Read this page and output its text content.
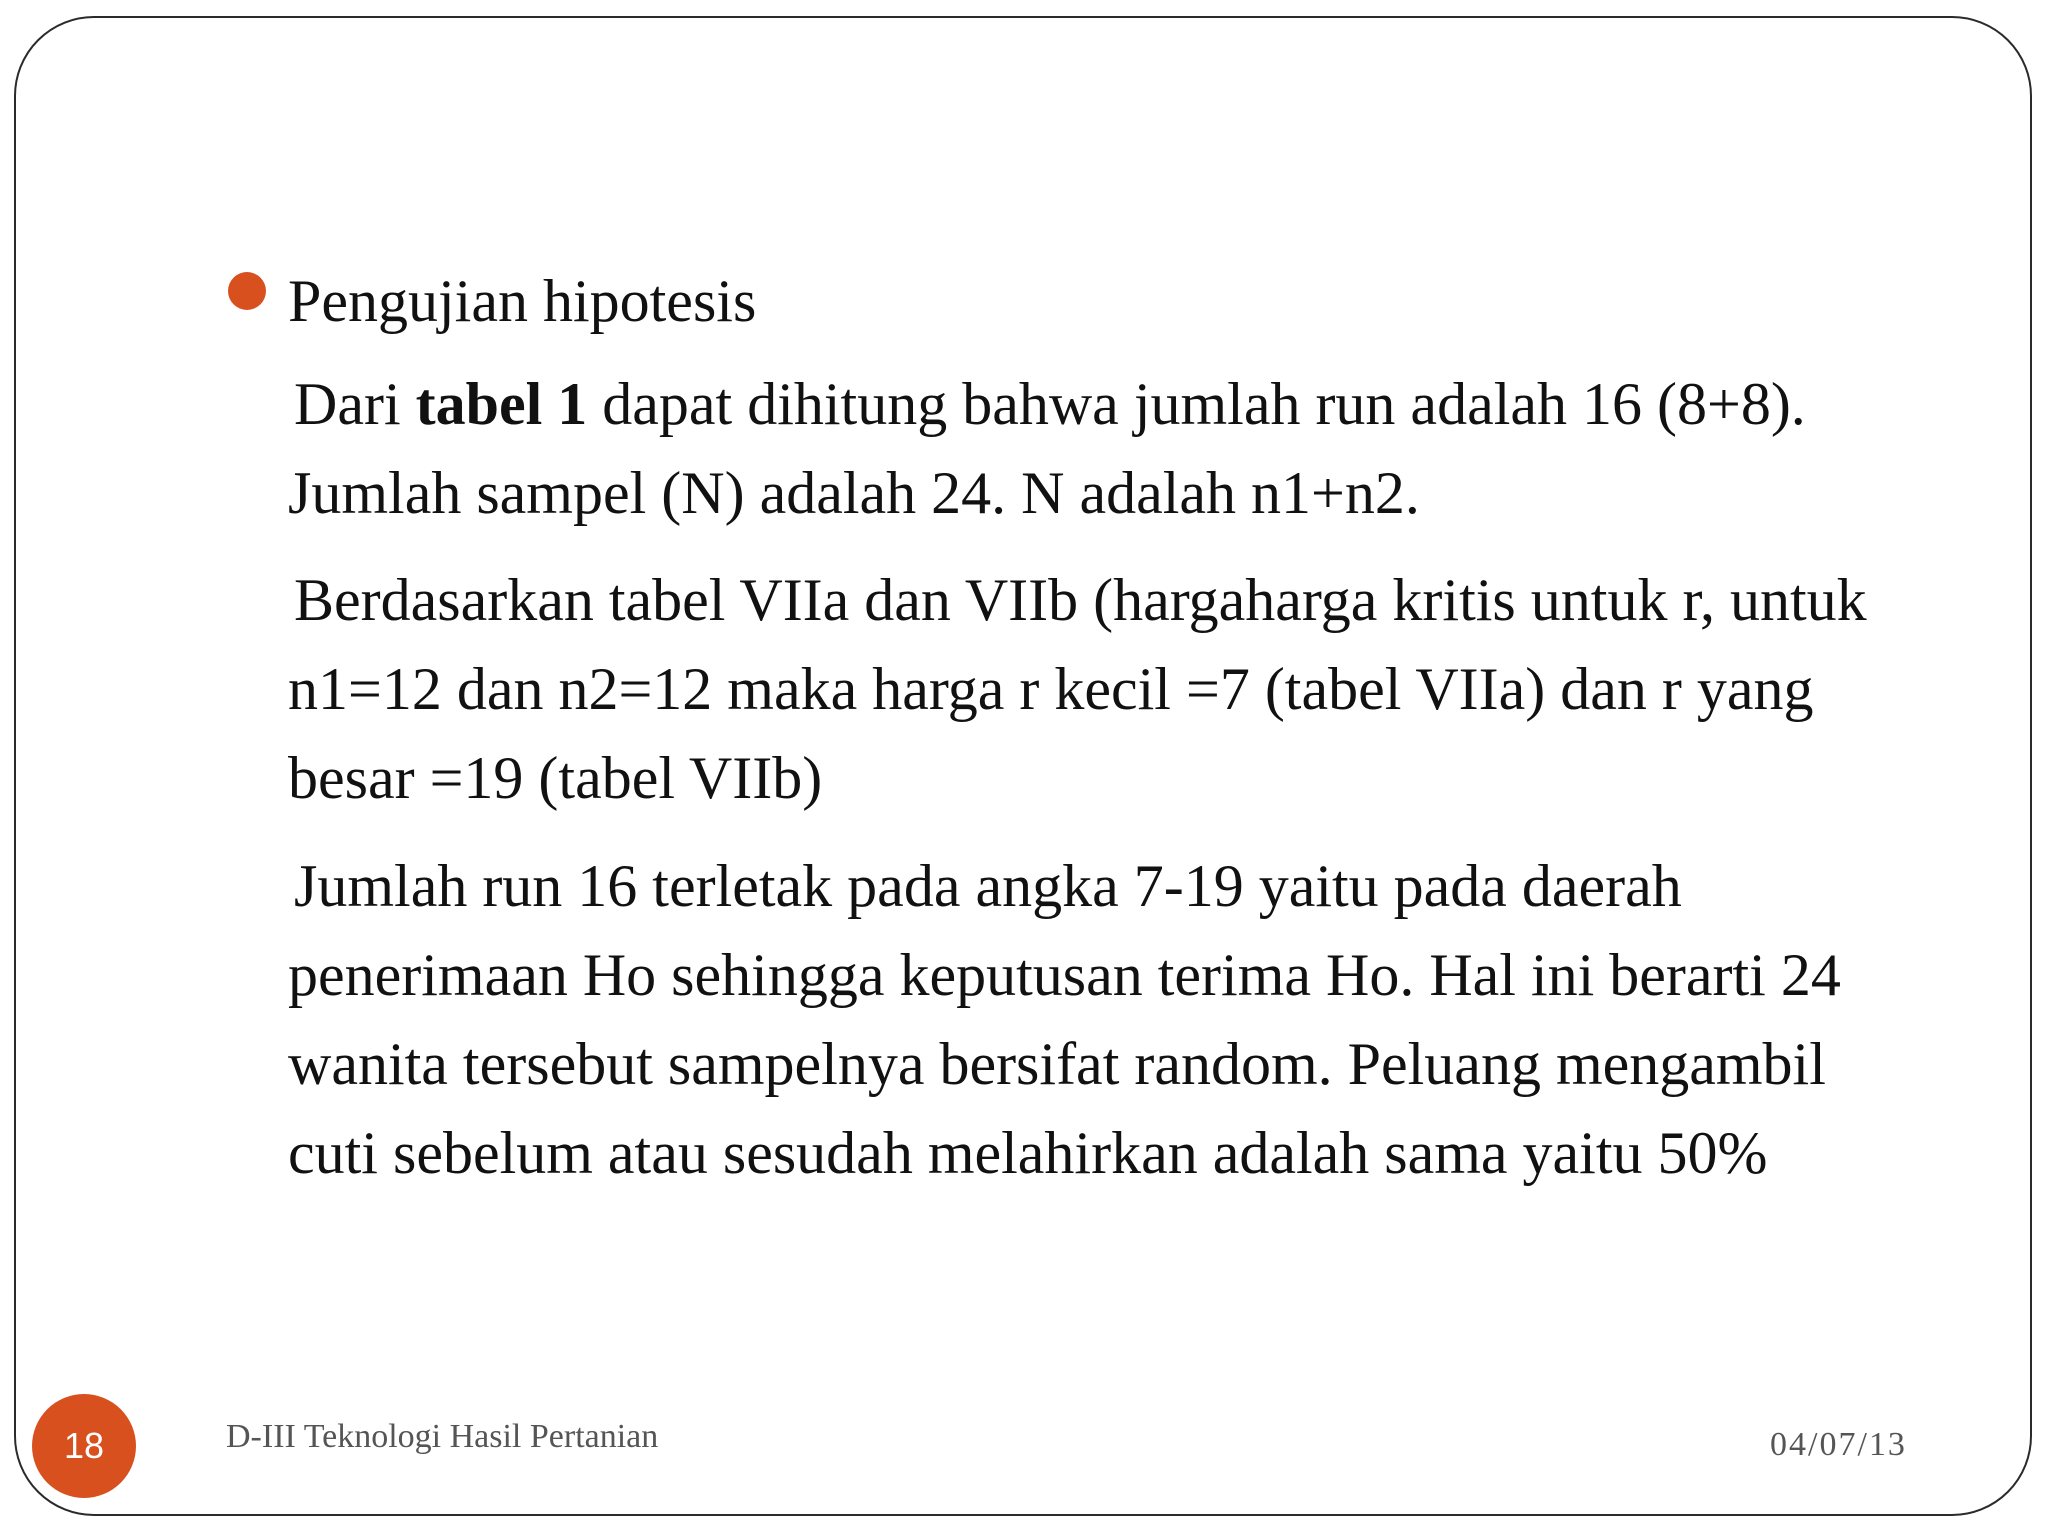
Pengujian hipotesis
Dari tabel 1 dapat dihitung bahwa jumlah run adalah 16 (8+8). Jumlah sampel (N) adalah 24. N adalah n1+n2.
Berdasarkan tabel VIIa dan VIIb (hargaharga kritis untuk r, untuk n1=12 dan n2=12 maka harga r kecil =7 (tabel VIIa) dan r yang besar =19 (tabel VIIb)
Jumlah run 16 terletak pada angka 7-19 yaitu pada daerah penerimaan Ho sehingga keputusan terima Ho. Hal ini berarti 24 wanita tersebut sampelnya bersifat random. Peluang mengambil cuti sebelum atau sesudah melahirkan adalah sama yaitu 50%
18	D-III Teknologi Hasil Pertanian	04/07/13
